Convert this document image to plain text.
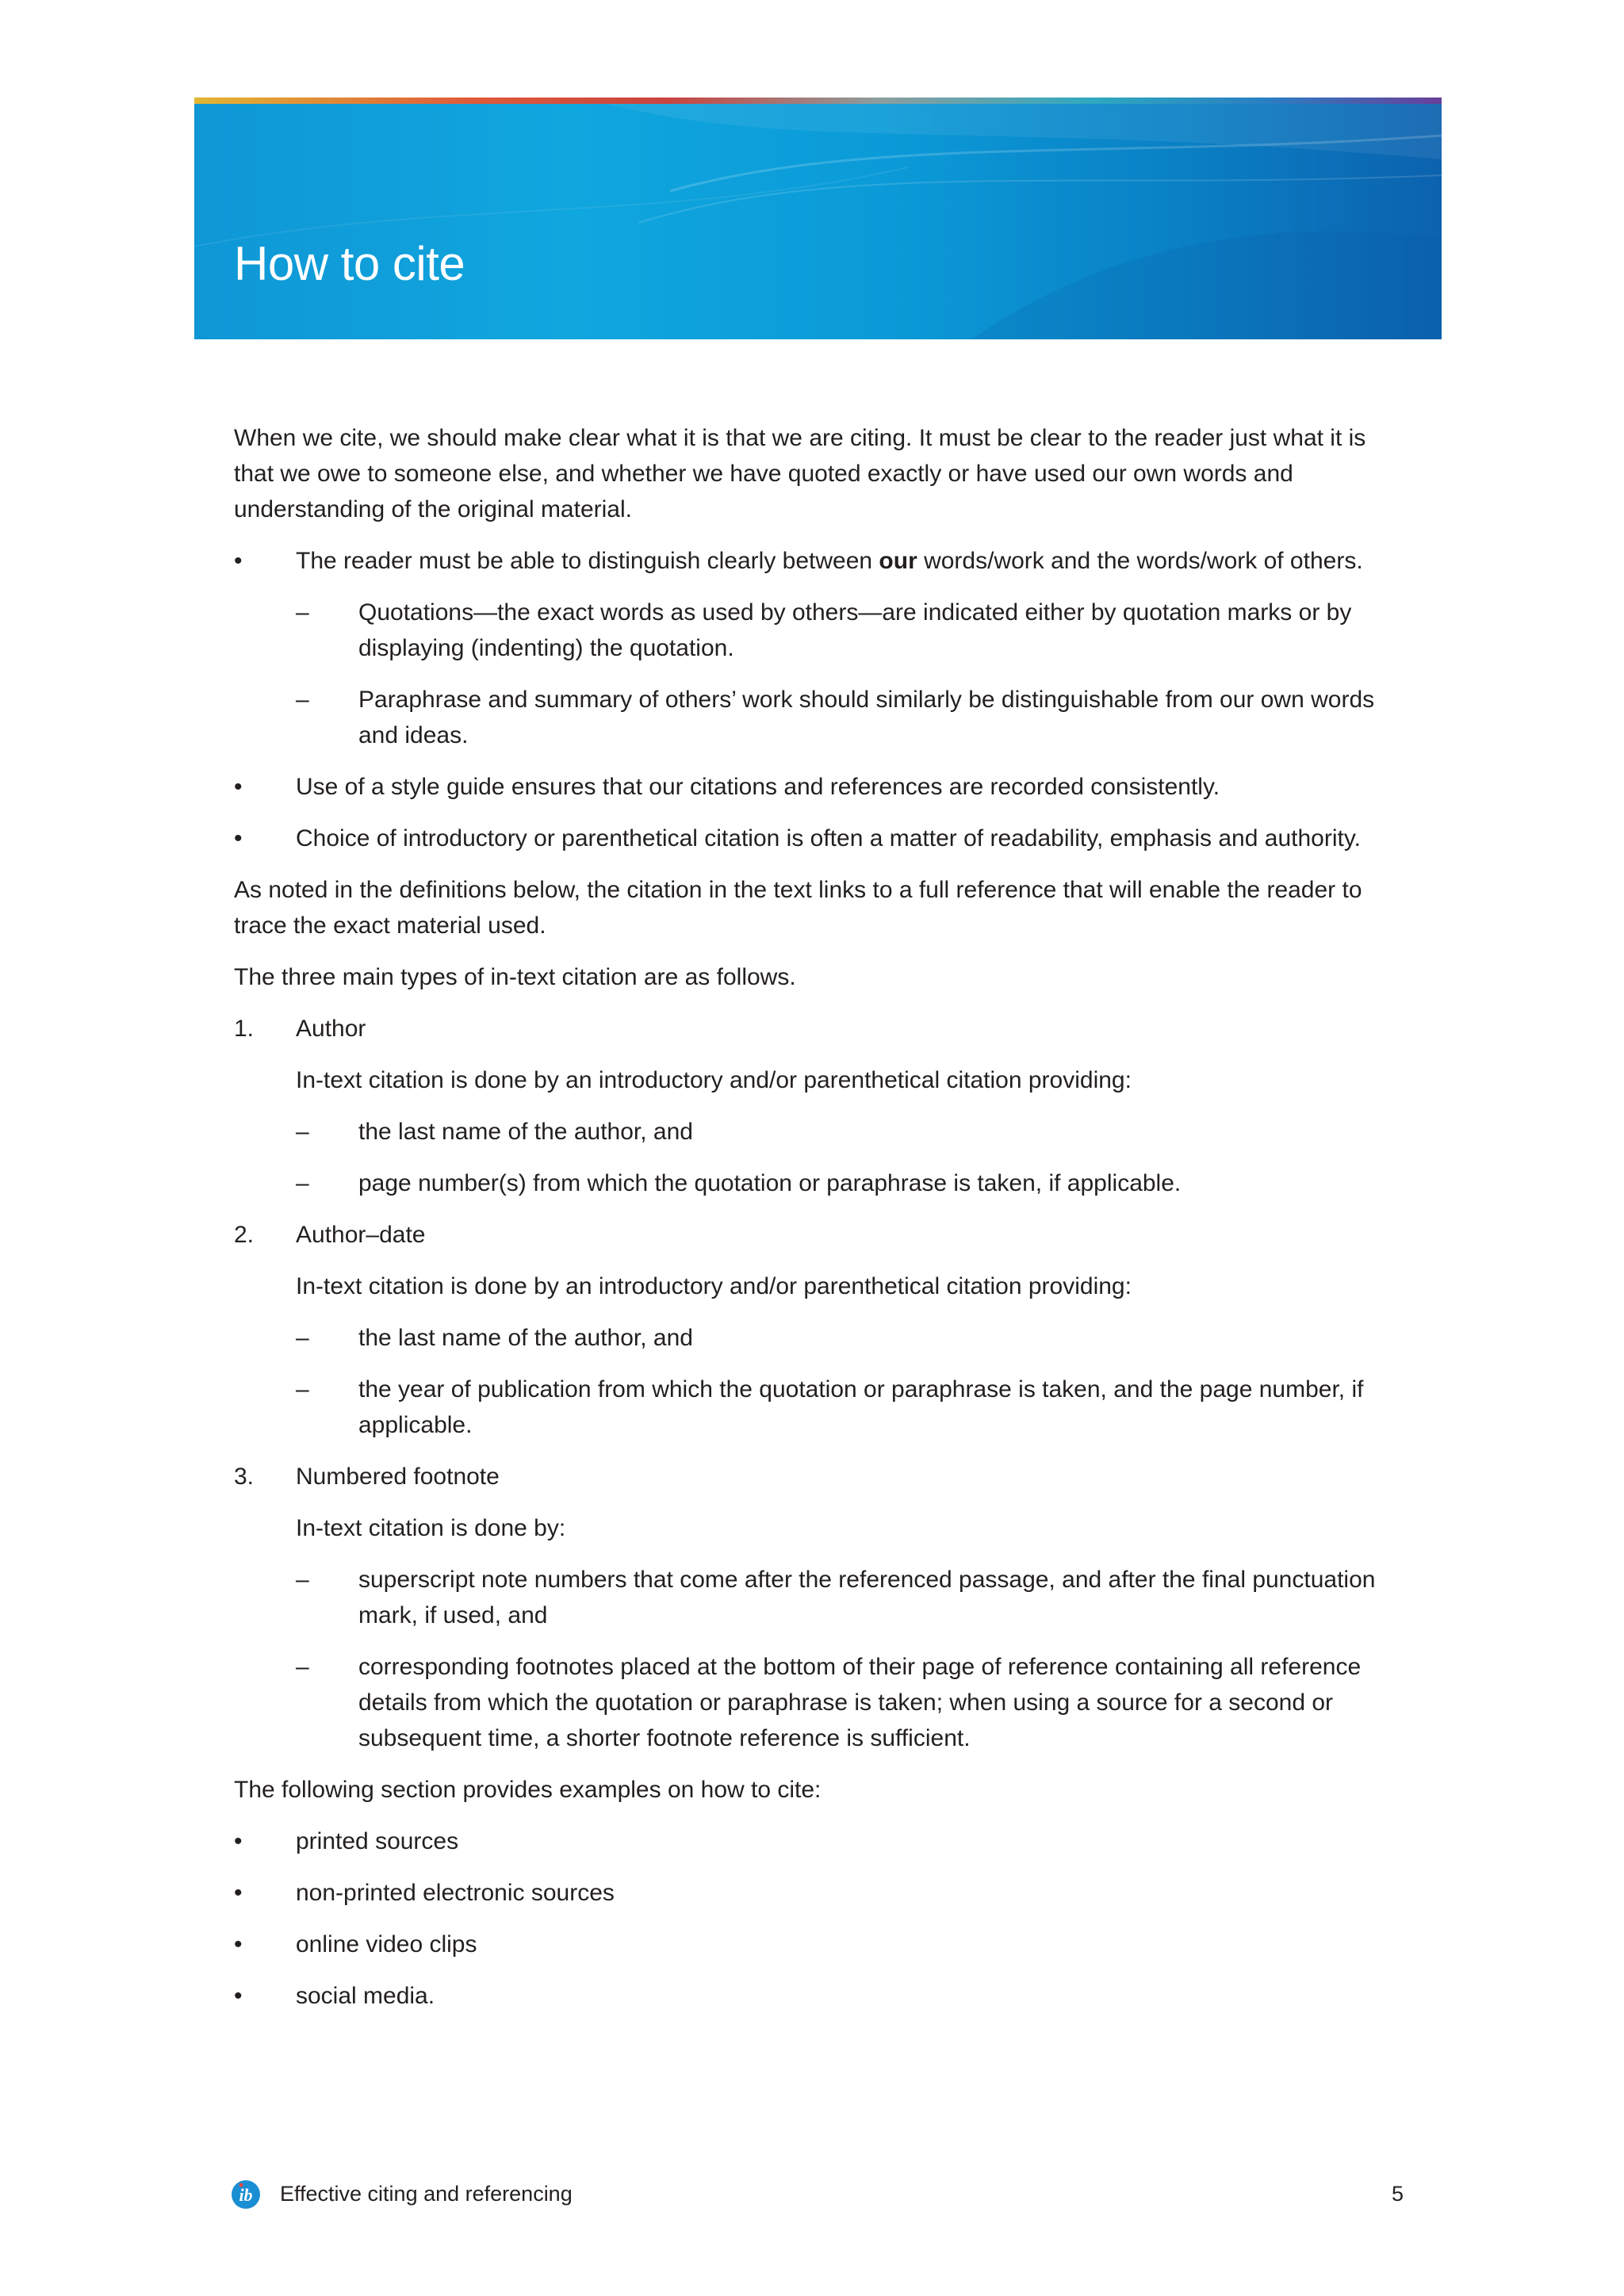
How to cite

When we cite, we should make clear what it is that we are citing. It must be clear to the reader just what it is that we owe to someone else, and whether we have quoted exactly or have used our own words and understanding of the original material.

• The reader must be able to distinguish clearly between our words/work and the words/work of others.
– Quotations—the exact words as used by others—are indicated either by quotation marks or by displaying (indenting) the quotation.
– Paraphrase and summary of others’ work should similarly be distinguishable from our own words and ideas.
• Use of a style guide ensures that our citations and references are recorded consistently.
• Choice of introductory or parenthetical citation is often a matter of readability, emphasis and authority.

As noted in the definitions below, the citation in the text links to a full reference that will enable the reader to trace the exact material used.

The three main types of in-text citation are as follows.

1. Author

In-text citation is done by an introductory and/or parenthetical citation providing:

– the last name of the author, and
– page number(s) from which the quotation or paraphrase is taken, if applicable.
2. Author–date

In-text citation is done by an introductory and/or parenthetical citation providing:

– the last name of the author, and
– the year of publication from which the quotation or paraphrase is taken, and the page number, if applicable.
3. Numbered footnote

In-text citation is done by:

– superscript note numbers that come after the referenced passage, and after the final punctuation mark, if used, and
– corresponding footnotes placed at the bottom of their page of reference containing all reference details from which the quotation or paraphrase is taken; when using a source for a second or subsequent time, a shorter footnote reference is sufficient.

The following section provides examples on how to cite:

• printed sources
• non-printed electronic sources
• online video clips
• social media.
ib Effective citing and referencing	5
